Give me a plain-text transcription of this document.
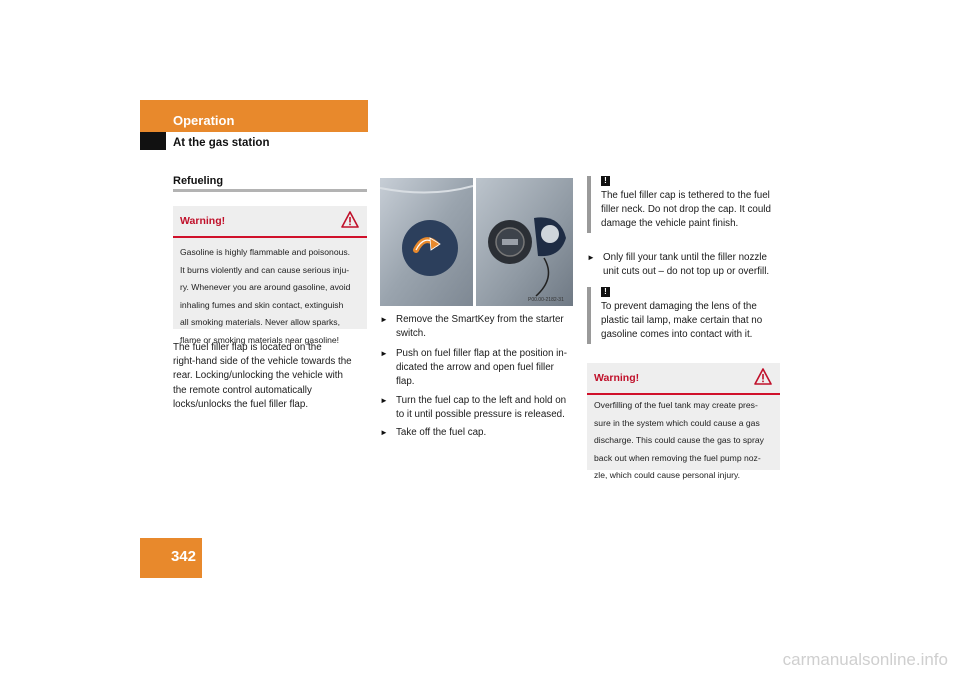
Operation
At the gas station
Refueling
Warning!
Gasoline is highly flammable and poisonous.
It burns violently and can cause serious inju-
ry. Whenever you are around gasoline, avoid
inhaling fumes and skin contact, extinguish
all smoking materials. Never allow sparks,
flame or smoking materials near gasoline!
The fuel filler flap is located on the
right-hand side of the vehicle towards the
rear. Locking/unlocking the vehicle with
the remote control automatically
locks/unlocks the fuel filler flap.
P00.00-2182-31
► Remove the SmartKey from the starter
switch.
► Push on fuel filler flap at the position in-
dicated the arrow and open fuel filler
flap.
► Turn the fuel cap to the left and hold on
to it until possible pressure is released.
► Take off the fuel cap.
!
The fuel filler cap is tethered to the fuel
filler neck. Do not drop the cap. It could
damage the vehicle paint finish.
► Only fill your tank until the filler nozzle
unit cuts out – do not top up or overfill.
!
To prevent damaging the lens of the
plastic tail lamp, make certain that no
gasoline comes into contact with it.
Warning!
Overfilling of the fuel tank may create pres-
sure in the system which could cause a gas
discharge. This could cause the gas to spray
back out when removing the fuel pump noz-
zle, which could cause personal injury.
342
carmanualsonline.info
